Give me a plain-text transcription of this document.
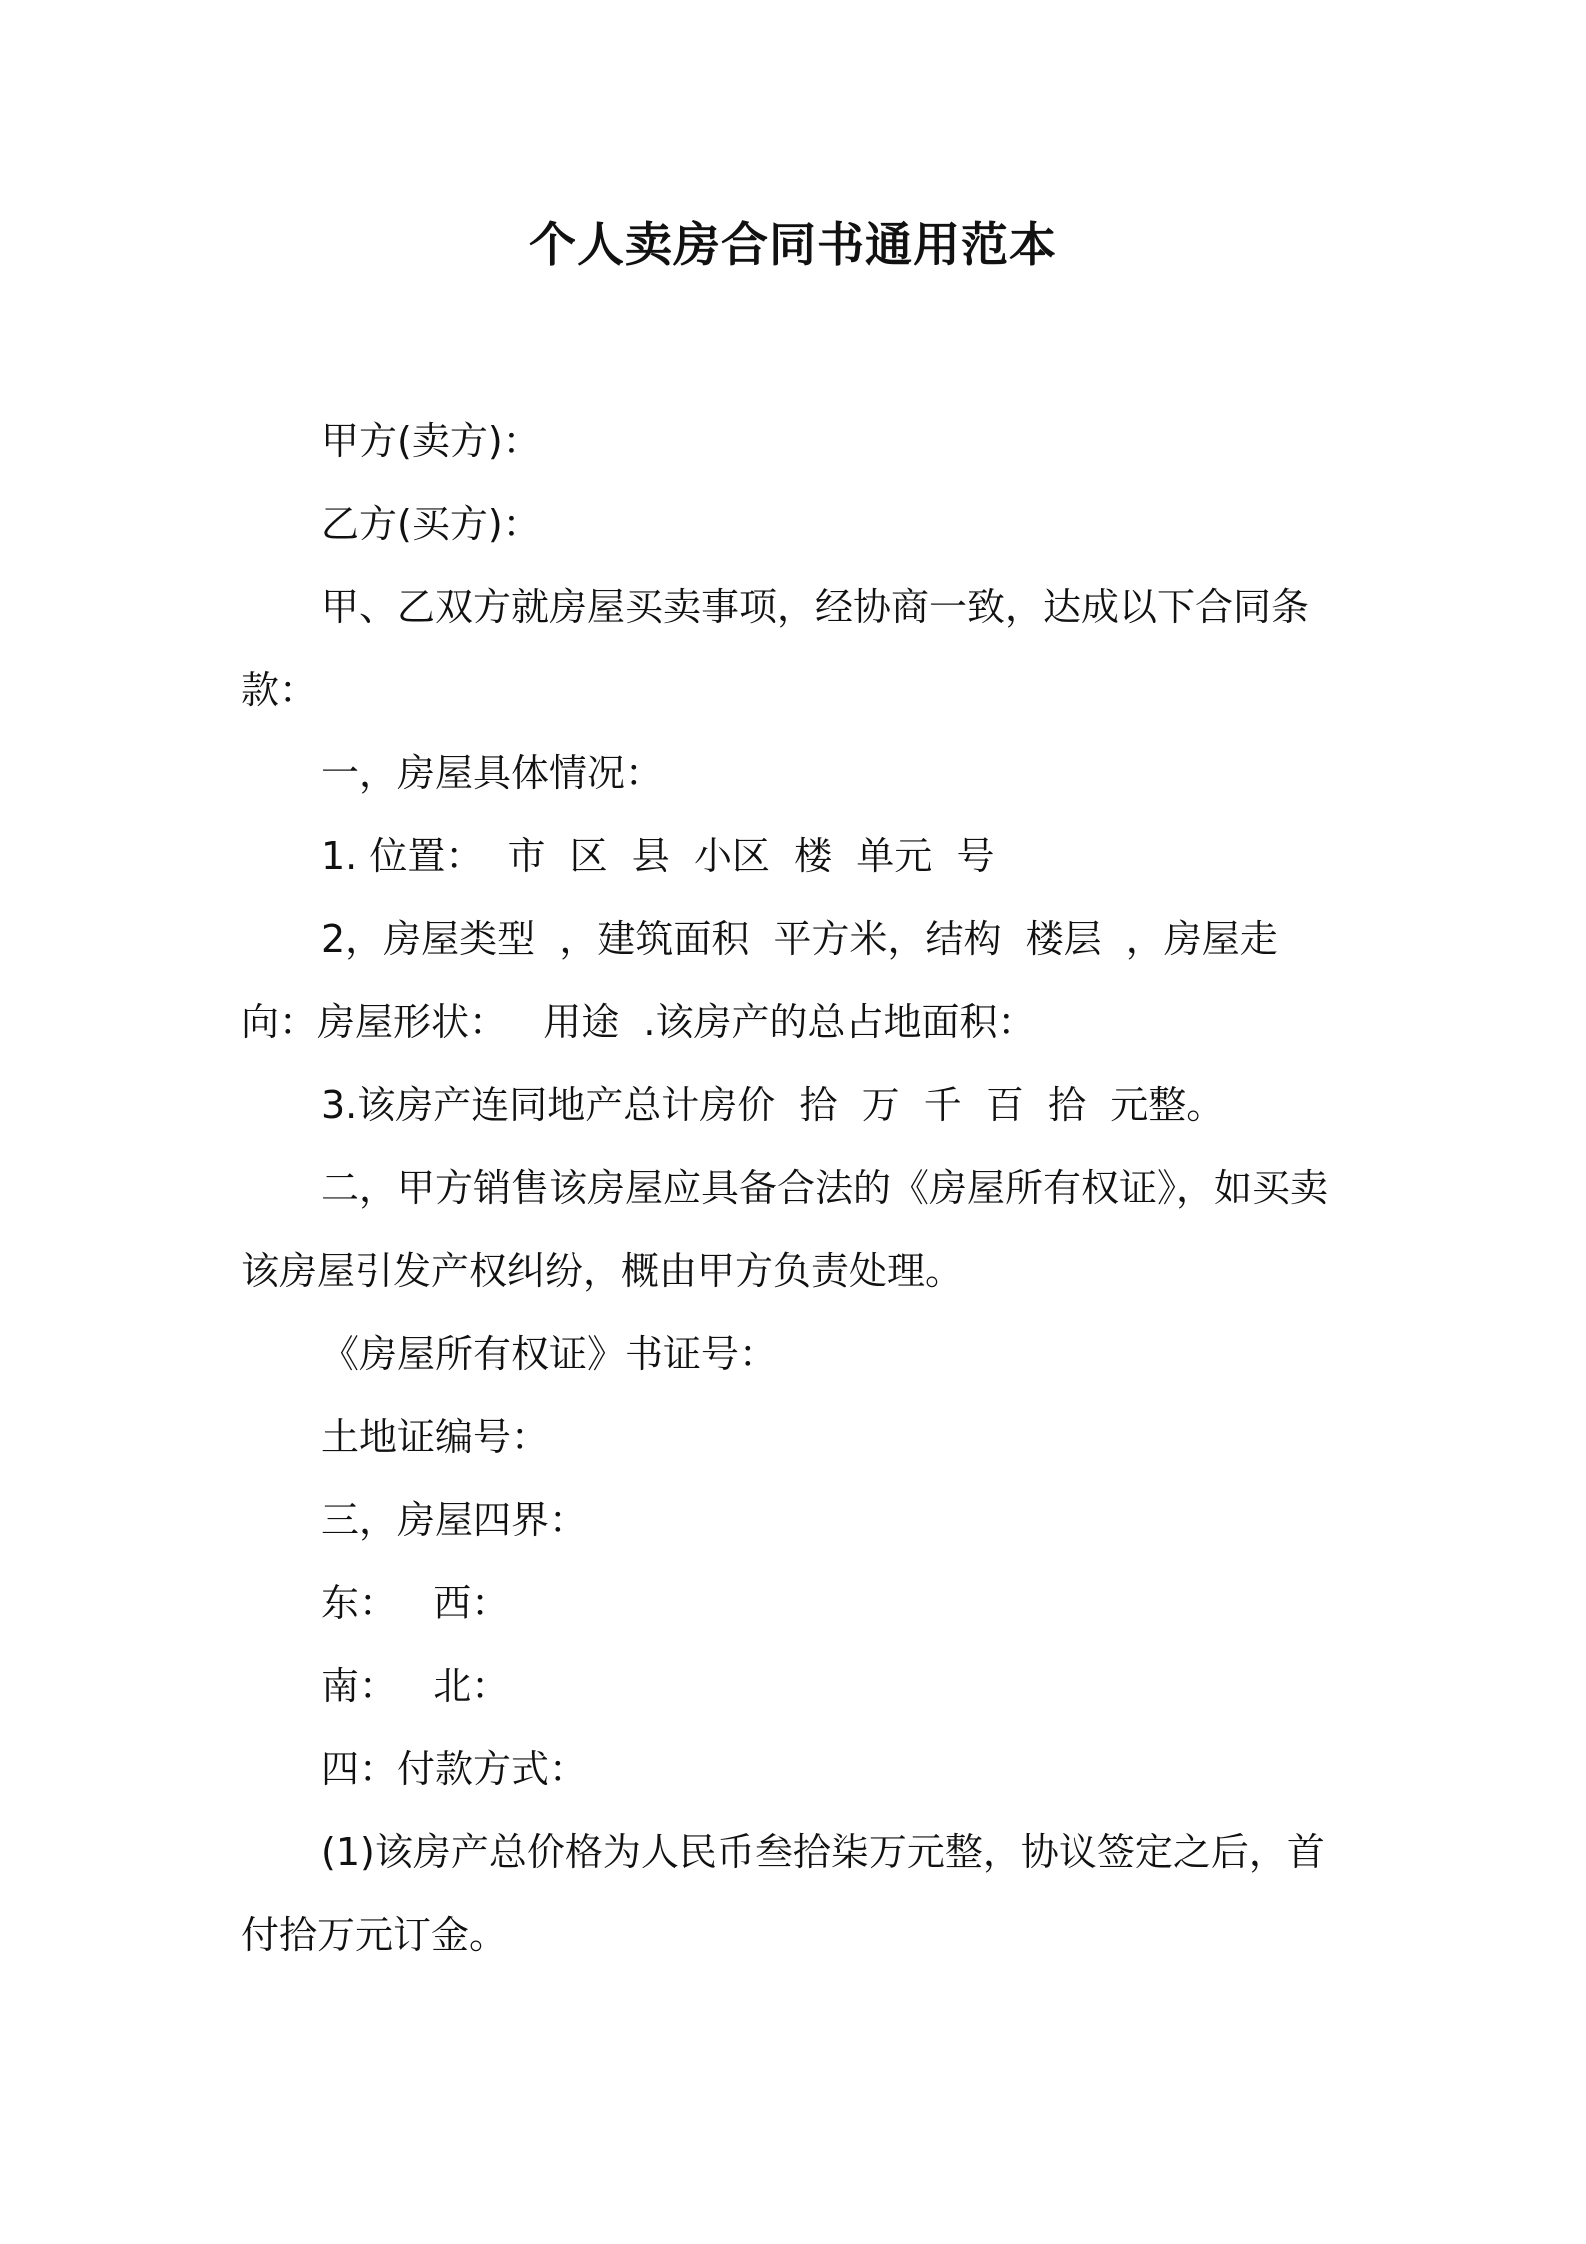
个人卖房合同书通用范本

甲方(卖方)：

乙方(买方)：

甲、乙双方就房屋买卖事项，经协商一致，达成以下合同条款：

一，房屋具体情况：

1. 位置：  市  区  县  小区  楼  单元  号

2，房屋类型  ，建筑面积  平方米，结构  楼层  ，房屋走向：房屋形状：   用途  .该房产的总占地面积：

3.该房产连同地产总计房价  拾  万  千  百  拾  元整。

二，甲方销售该房屋应具备合法的《房屋所有权证》，如买卖该房屋引发产权纠纷，概由甲方负责处理。

《房屋所有权证》书证号：

土地证编号：

三，房屋四界：

东：   西：

南：   北：

四：付款方式：

(1)该房产总价格为人民币叁拾柒万元整，协议签定之后，首付拾万元订金。
